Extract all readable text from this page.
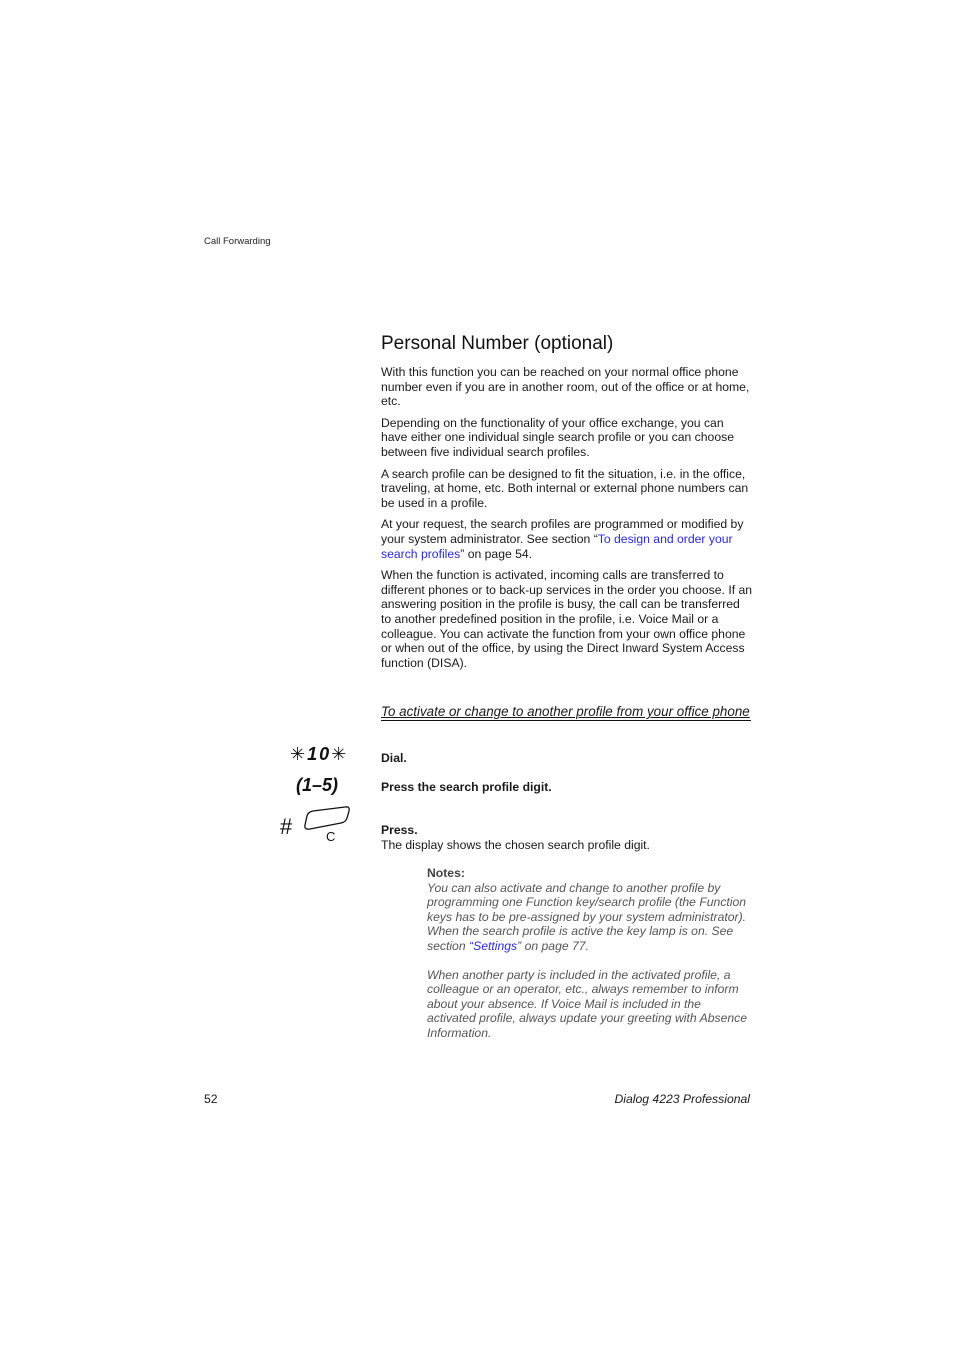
Call Forwarding
Personal Number (optional)

With this function you can be reached on your normal office phone number even if you are in another room, out of the office or at home, etc.

Depending on the functionality of your office exchange, you can have either one individual single search profile or you can choose between five individual search profiles.

A search profile can be designed to fit the situation, i.e. in the office, traveling, at home, etc. Both internal or external phone numbers can be used in a profile.

At your request, the search profiles are programmed or modified by your system administrator. See section “To design and order your search profiles” on page 54.

When the function is activated, incoming calls are transferred to different phones or to back-up services in the order you choose. If an answering position in the profile is busy, the call can be transferred to another predefined position in the profile, i.e. Voice Mail or a colleague. You can activate the function from your own office phone or when out of the office, by using the Direct Inward System Access function (DISA).

To activate or change to another profile from your office phone
✳10✳	Dial.
(1–5)	Press the search profile digit.
#	C	Press.
The display shows the chosen search profile digit.
Notes:

You can also activate and change to another profile by programming one Function key/search profile (the Function keys has to be pre-assigned by your system administrator). When the search profile is active the key lamp is on. See section “Settings” on page 77.

When another party is included in the activated profile, a colleague or an operator, etc., always remember to inform about your absence. If Voice Mail is included in the activated profile, always update your greeting with Absence Information.

52	Dialog 4223 Professional
